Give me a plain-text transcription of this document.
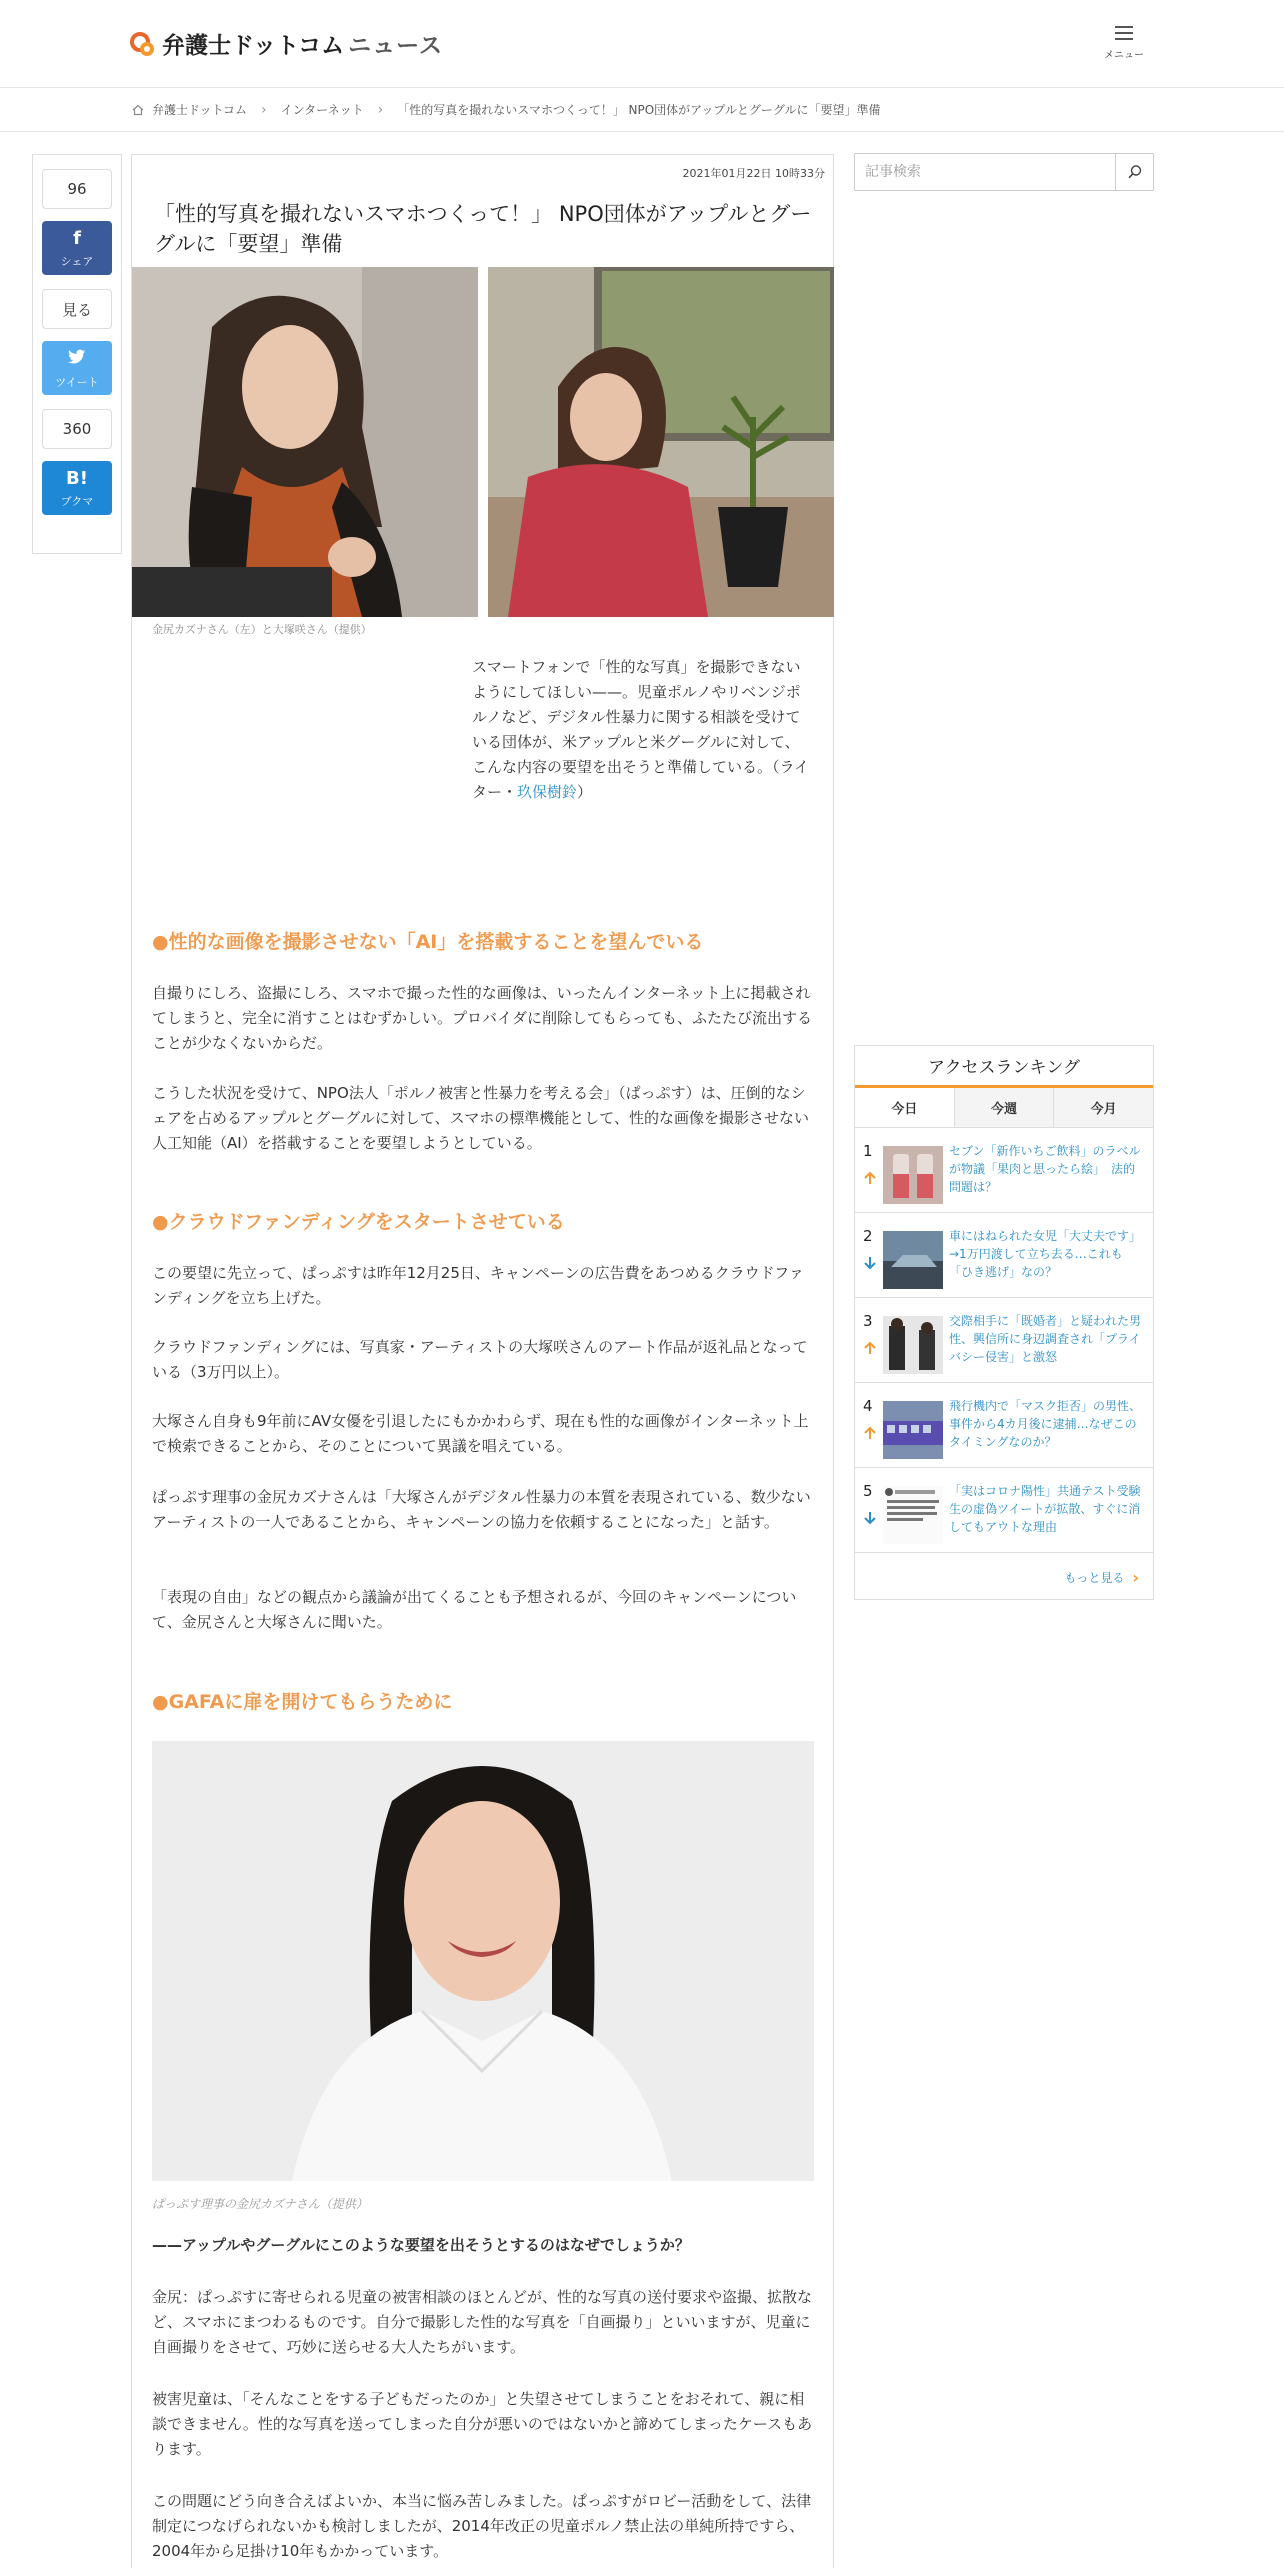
弁護士ドットコム ニュース	メニュー
弁護士ドットコム › インターネット › 「性的写真を撮れないスマホつくって！」 NPO団体がアップルとグーグルに「要望」準備
96
f
シェア
見る
ツイート
360
B!
ブクマ
2021年01月22日 10時33分
「性的写真を撮れないスマホつくって！」 NPO団体がアップルとグーグルに「要望」準備
金尻カズナさん（左）と大塚咲さん（提供）

スマートフォンで「性的な写真」を撮影できないようにしてほしい——。児童ポルノやリベンジポルノなど、デジタル性暴力に関する相談を受けている団体が、米アップルと米グーグルに対して、こんな内容の要望を出そうと準備している。（ライター・玖保樹鈴）

●性的な画像を撮影させない「AI」を搭載することを望んでいる

自撮りにしろ、盗撮にしろ、スマホで撮った性的な画像は、いったんインターネット上に掲載されてしまうと、完全に消すことはむずかしい。プロバイダに削除してもらっても、ふたたび流出することが少なくないからだ。

こうした状況を受けて、NPO法人「ポルノ被害と性暴力を考える会」（ぱっぷす）は、圧倒的なシェアを占めるアップルとグーグルに対して、スマホの標準機能として、性的な画像を撮影させない人工知能（AI）を搭載することを要望しようとしている。

●クラウドファンディングをスタートさせている

この要望に先立って、ぱっぷすは昨年12月25日、キャンペーンの広告費をあつめるクラウドファンディングを立ち上げた。

クラウドファンディングには、写真家・アーティストの大塚咲さんのアート作品が返礼品となっている（3万円以上）。

大塚さん自身も9年前にAV女優を引退したにもかかわらず、現在も性的な画像がインターネット上で検索できることから、そのことについて異議を唱えている。

ぱっぷす理事の金尻カズナさんは「大塚さんがデジタル性暴力の本質を表現されている、数少ないアーティストの一人であることから、キャンペーンの協力を依頼することになった」と話す。

「表現の自由」などの観点から議論が出てくることも予想されるが、今回のキャンペーンについて、金尻さんと大塚さんに聞いた。

●GAFAに扉を開けてもらうために
ぱっぷす理事の金尻カズナさん（提供）

——アップルやグーグルにこのような要望を出そうとするのはなぜでしょうか？

金尻：ぱっぷすに寄せられる児童の被害相談のほとんどが、性的な写真の送付要求や盗撮、拡散など、スマホにまつわるものです。自分で撮影した性的な写真を「自画撮り」といいますが、児童に自画撮りをさせて、巧妙に送らせる大人たちがいます。

被害児童は、「そんなことをする子どもだったのか」と失望させてしまうことをおそれて、親に相談できません。性的な写真を送ってしまった自分が悪いのではないかと諦めてしまったケースもあります。

この問題にどう向き合えばよいか、本当に悩み苦しみました。ぱっぷすがロビー活動をして、法律制定につなげられないかも検討しましたが、2014年改正の児童ポルノ禁止法の単純所持ですら、2004年から足掛け10年もかかっています。

記事検索
アクセスランキング
今日	今週	今月
1	セブン「新作いちご飲料」のラベルが物議「果肉と思ったら絵」　法的問題は？
2	車にはねられた女児「大丈夫です」→1万円渡して立ち去る…これも「ひき逃げ」なの？
3	交際相手に「既婚者」と疑われた男性、興信所に身辺調査され「プライバシー侵害」と激怒
4	飛行機内で「マスク拒否」の男性、事件から4カ月後に逮捕…なぜこのタイミングなのか？
5	「実はコロナ陽性」共通テスト受験生の虚偽ツイートが拡散、すぐに消してもアウトな理由
もっと見る ›
